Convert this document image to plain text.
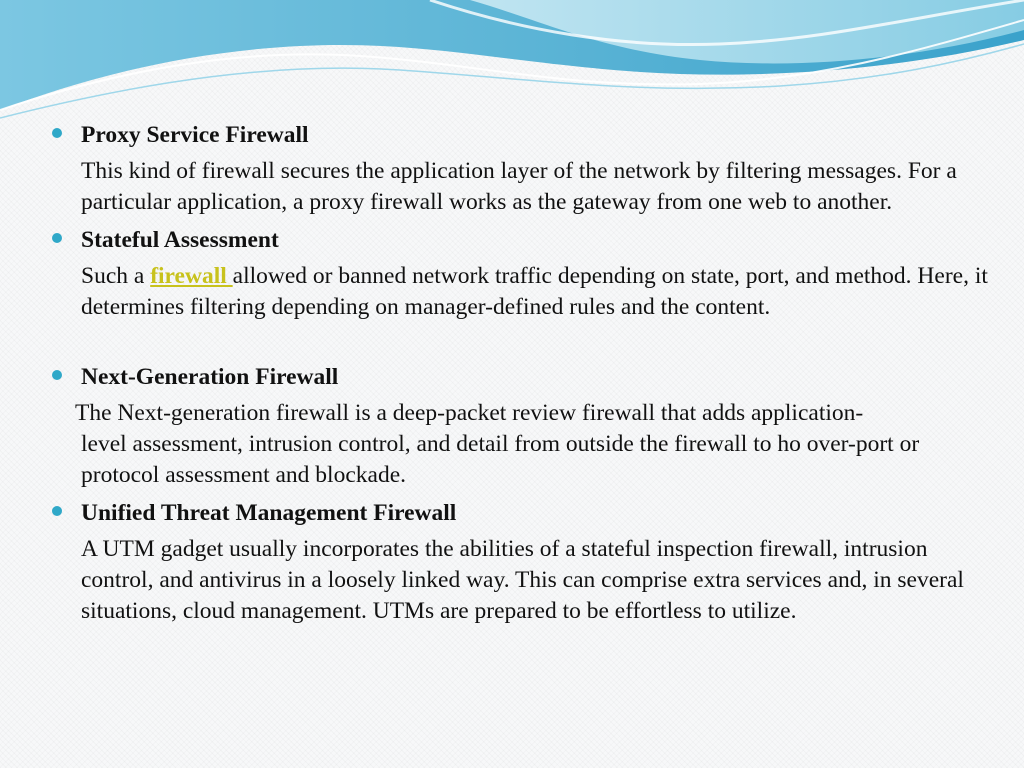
Proxy Service Firewall
This kind of firewall secures the application layer of the network by filtering messages. For a particular application, a proxy firewall works as the gateway from one web to another.
Stateful Assessment
Such a firewall allowed or banned network traffic depending on state, port, and method. Here, it determines filtering depending on manager-defined rules and the content.
Next-Generation Firewall
The Next-generation firewall is a deep-packet review firewall that adds application-
level assessment, intrusion control, and detail from outside the firewall to ho over-port or protocol assessment and blockade.
Unified Threat Management Firewall
A UTM gadget usually incorporates the abilities of a stateful inspection firewall, intrusion control, and antivirus in a loosely linked way. This can comprise extra services and, in several situations, cloud management. UTMs are prepared to be effortless to utilize.
